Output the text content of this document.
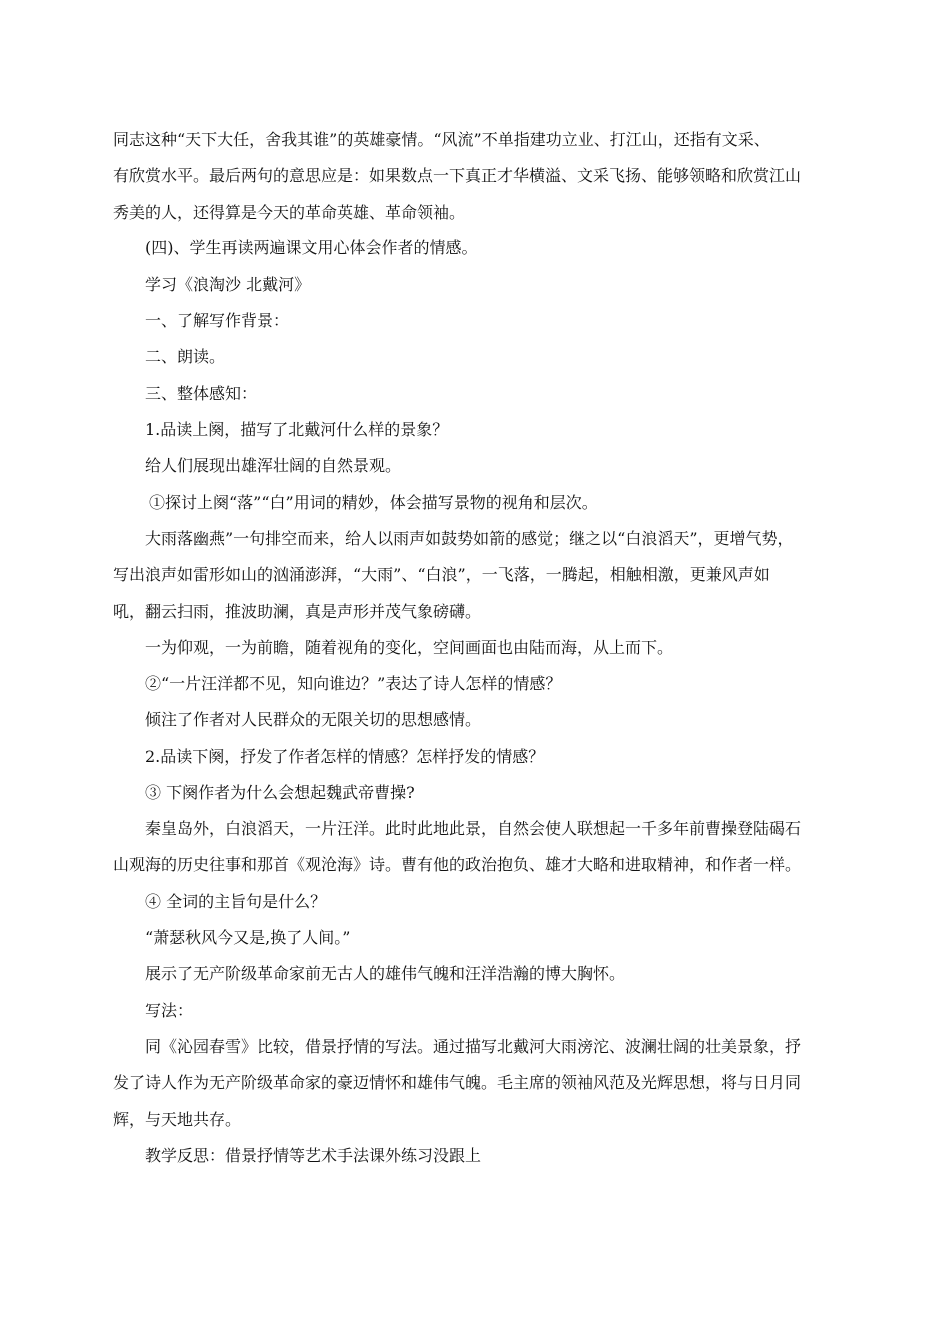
同志这种“天下大任，舍我其谁”的英雄豪情。“风流”不单指建功立业、打江山，还指有文采、
有欣赏水平。最后两句的意思应是：如果数点一下真正才华横溢、文采飞扬、能够领略和欣赏江山
秀美的人，还得算是今天的革命英雄、革命领袖。
(四)、学生再读两遍课文用心体会作者的情感。
学习《浪淘沙 北戴河》
一、了解写作背景：
二、朗读。
三、整体感知：
1.品读上阕，描写了北戴河什么样的景象？
给人们展现出雄浑壮阔的自然景观。
①探讨上阕“落”“白”用词的精妙，体会描写景物的视角和层次。
大雨落幽燕”一句排空而来，给人以雨声如鼓势如箭的感觉；继之以“白浪滔天”，更增气势，
写出浪声如雷形如山的汹涌澎湃，“大雨”、“白浪”，一飞落，一腾起，相触相激，更兼风声如
吼，翻云扫雨，推波助澜，真是声形并茂气象磅礴。
一为仰观，一为前瞻，随着视角的变化，空间画面也由陆而海，从上而下。
②“一片汪洋都不见，知向谁边？”表达了诗人怎样的情感？
倾注了作者对人民群众的无限关切的思想感情。
2.品读下阕，抒发了作者怎样的情感？怎样抒发的情感？
③ 下阕作者为什么会想起魏武帝曹操?
秦皇岛外，白浪滔天，一片汪洋。此时此地此景，自然会使人联想起一千多年前曹操登陆碣石
山观海的历史往事和那首《观沧海》诗。曹有他的政治抱负、雄才大略和进取精神，和作者一样。
④ 全词的主旨句是什么？
“萧瑟秋风今又是,换了人间。”
展示了无产阶级革命家前无古人的雄伟气魄和汪洋浩瀚的博大胸怀。
写法：
同《沁园春雪》比较，借景抒情的写法。通过描写北戴河大雨滂沱、波澜壮阔的壮美景象，抒
发了诗人作为无产阶级革命家的豪迈情怀和雄伟气魄。毛主席的领袖风范及光辉思想，将与日月同
辉，与天地共存。
教学反思：借景抒情等艺术手法课外练习没跟上
